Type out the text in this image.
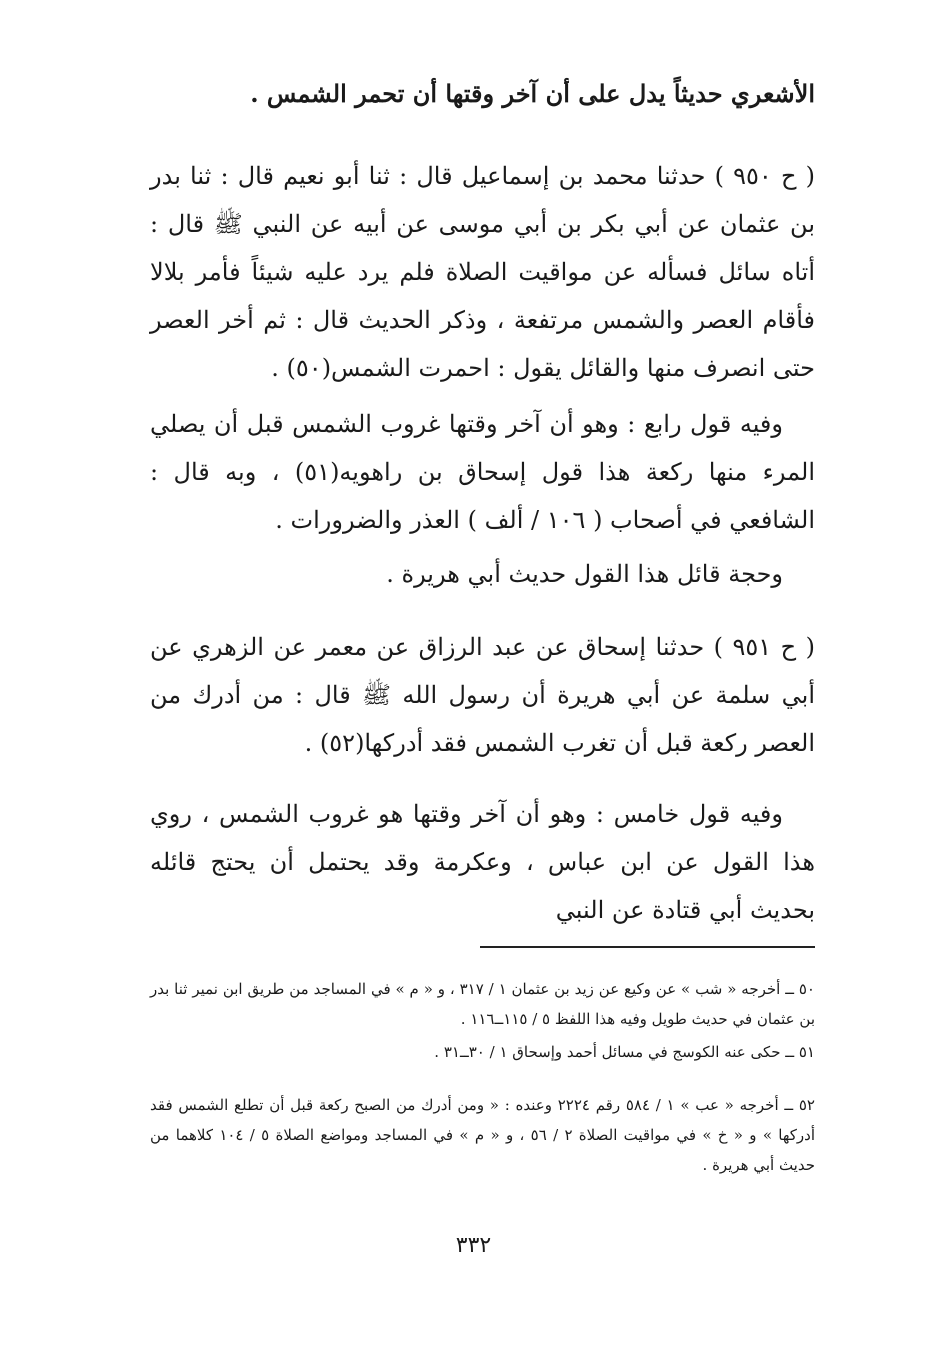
الأشعري حديثاً يدل على أن آخر وقتها أن تحمر الشمس .

( ح ٩٥٠ ) حدثنا محمد بن إسماعيل قال : ثنا أبو نعيم قال : ثنا بدر بن عثمان عن أبي بكر بن أبي موسى عن أبيه عن النبي ﷺ قال : أتاه سائل فسأله عن مواقيت الصلاة فلم يرد عليه شيئاً فأمر بلالا فأقام العصر والشمس مرتفعة ، وذكر الحديث قال : ثم أخر العصر حتى انصرف منها والقائل يقول : احمرت الشمس(٥٠) .

وفيه قول رابع : وهو أن آخر وقتها غروب الشمس قبل أن يصلي المرء منها ركعة هذا قول إسحاق بن راهويه(٥١) ، وبه قال : الشافعي في أصحاب ( ١٠٦ / ألف ) العذر والضرورات .

وحجة قائل هذا القول حديث أبي هريرة .

( ح ٩٥١ ) حدثنا إسحاق عن عبد الرزاق عن معمر عن الزهري عن أبي سلمة عن أبي هريرة أن رسول الله ﷺ قال : من أدرك من العصر ركعة قبل أن تغرب الشمس فقد أدركها(٥٢) .

وفيه قول خامس : وهو أن آخر وقتها هو غروب الشمس ، روي هذا القول عن ابن عباس ، وعكرمة وقد يحتمل أن يحتج قائله بحديث أبي قتادة عن النبي

٥٠ ــ أخرجه « شب » عن وكيع عن زيد بن عثمان ١ / ٣١٧ ، و « م » في المساجد من طريق ابن نمير ثنا بدر بن عثمان في حديث طويل وفيه هذا اللفظ ٥ / ١١٥ــ١١٦ .

٥١ ــ حكى عنه الكوسج في مسائل أحمد وإسحاق ١ / ٣٠ــ٣١ .

٥٢ ــ أخرجه « عب » ١ / ٥٨٤ رقم ٢٢٢٤ وعنده : « ومن أدرك من الصبح ركعة قبل أن تطلع الشمس فقد أدركها » و « خ » في مواقيت الصلاة ٢ / ٥٦ ، و « م » في المساجد ومواضع الصلاة ٥ / ١٠٤ كلاهما من حديث أبي هريرة .

٣٣٢
